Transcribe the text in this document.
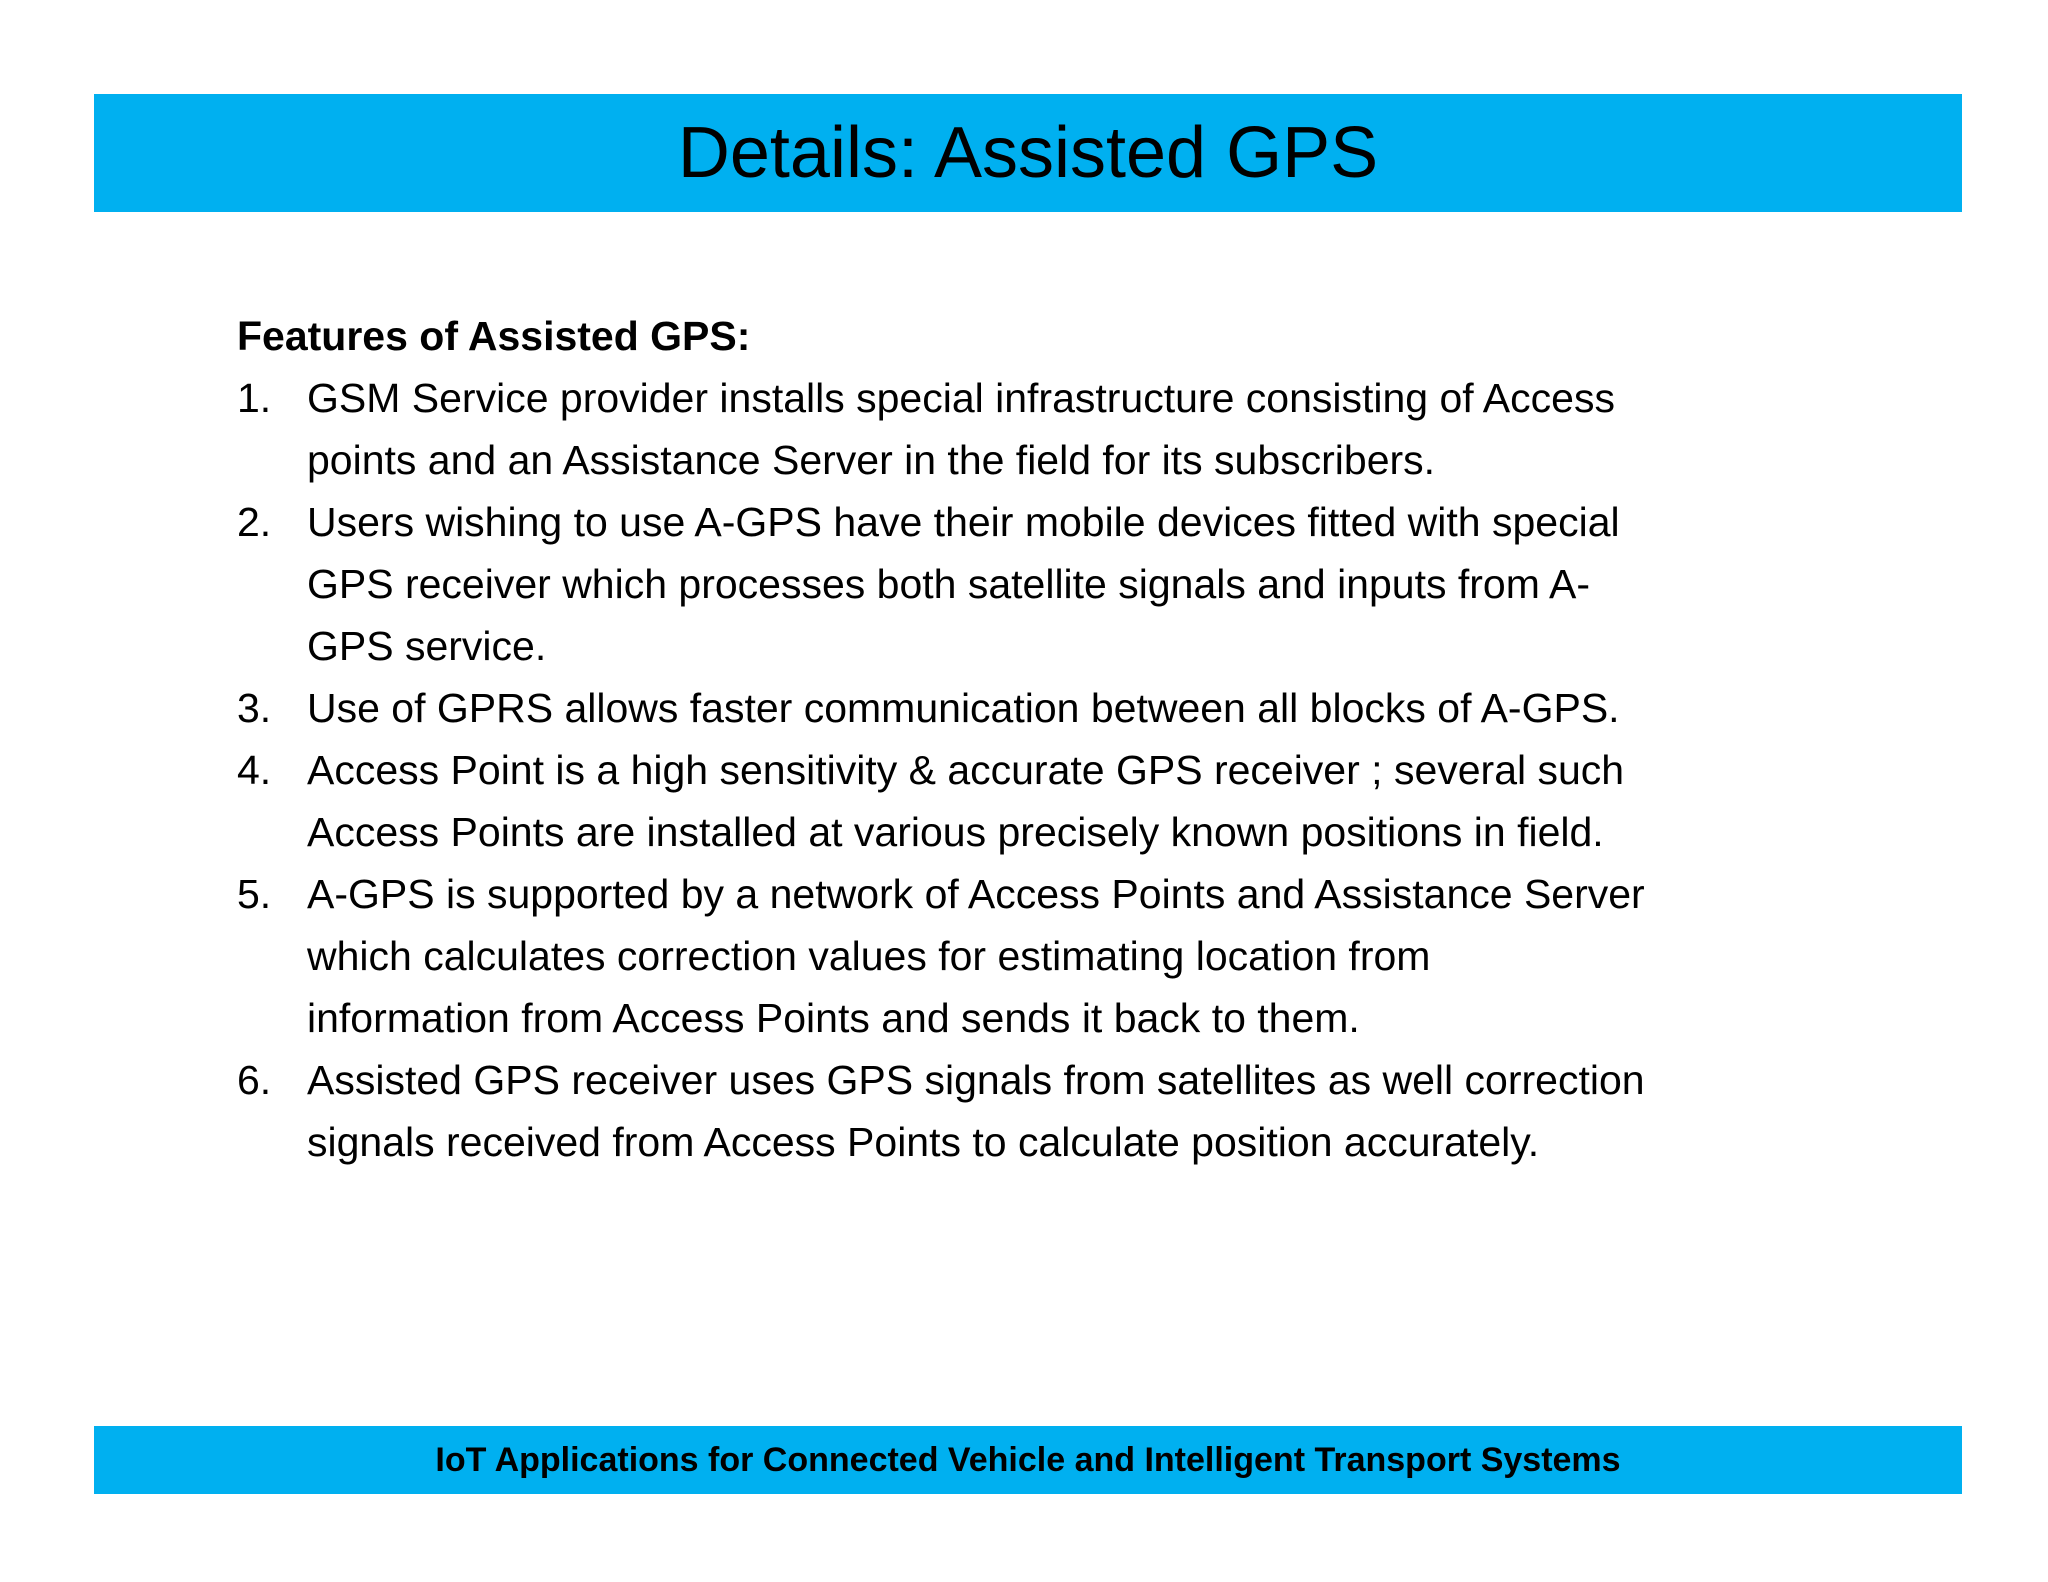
Details: Assisted GPS

Features of Assisted GPS:

1. GSM Service provider installs special infrastructure consisting of Access
points and an Assistance Server in the field for its subscribers.
2. Users wishing to use A-GPS have their mobile devices fitted with special
GPS receiver which processes both satellite signals and inputs from A-
GPS service.
3. Use of GPRS allows faster communication between all blocks of A-GPS.
4. Access Point is a high sensitivity & accurate GPS receiver ; several such
Access Points are installed at various precisely known positions in field.
5. A-GPS is supported by a network of Access Points and Assistance Server
which calculates correction values for estimating location from
information from Access Points and sends it back to them.
6. Assisted GPS receiver uses GPS signals from satellites as well correction
signals received from Access Points to calculate position accurately.
IoT Applications for Connected Vehicle and Intelligent Transport Systems
